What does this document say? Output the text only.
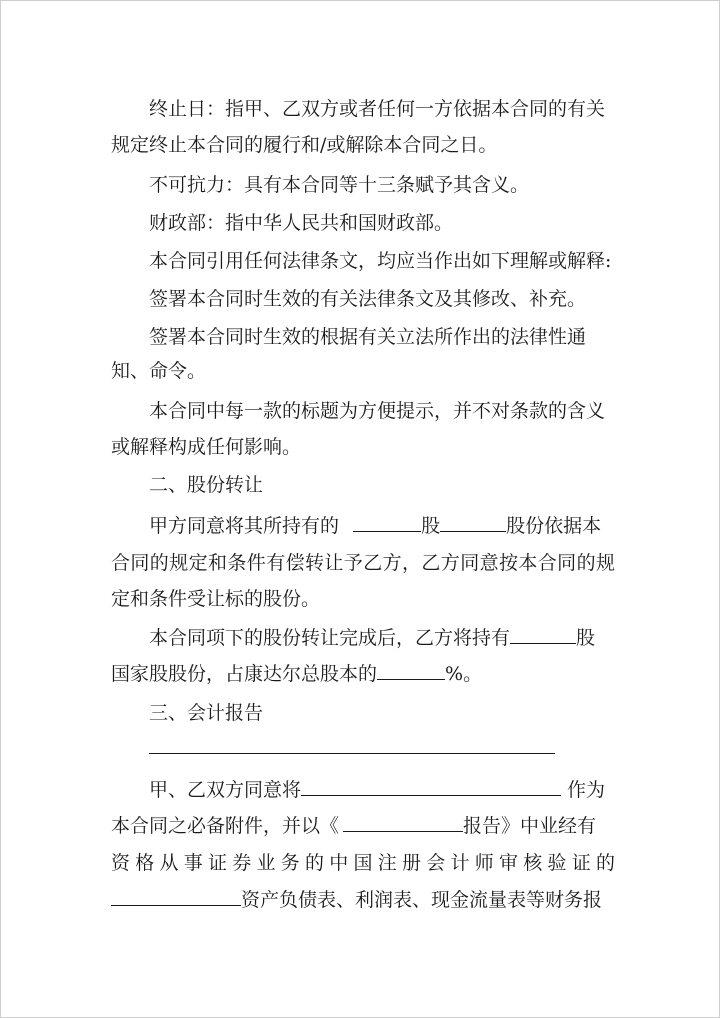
终止日：指甲、乙双方或者任何一方依据本合同的有关
规定终止本合同的履行和/或解除本合同之日。
不可抗力：具有本合同等十三条赋予其含义。
财政部：指中华人民共和国财政部。
本合同引用任何法律条文，均应当作出如下理解或解释:
签署本合同时生效的有关法律条文及其修改、补充。
签署本合同时生效的根据有关立法所作出的法律性通
知、命令。
本合同中每一款的标题为方便提示，并不对条款的含义
或解释构成任何影响。
二、股份转让
甲方同意将其所持有的	股	股份依据本
合同的规定和条件有偿转让予乙方，乙方同意按本合同的规
定和条件受让标的股份。
本合同项下的股份转让完成后，乙方将持有	股
国家股股份，占康达尔总股本的	%。
三、会计报告
甲、乙双方同意将	作为
本合同之必备附件，并以《	报告》中业经有
资格从事证券业务的中国注册会计师审核验证的
资产负债表、利润表、现金流量表等财务报
